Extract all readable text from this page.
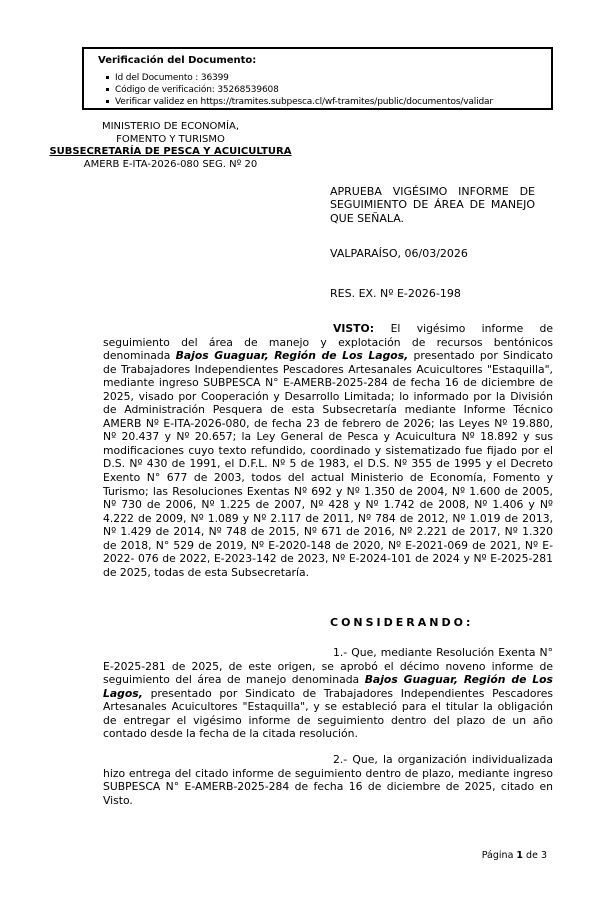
Verificación del Documento:
Id del Documento : 36399
Código de verificación: 35268539608
Verificar validez en https://tramites.subpesca.cl/wf-tramites/public/documentos/validar
MINISTERIO DE ECONOMÍA,
FOMENTO Y TURISMO
SUBSECRETARÍA DE PESCA Y ACUICULTURA
AMERB E-ITA-2026-080 SEG. Nº 20
APRUEBA VIGÉSIMO INFORME DE SEGUIMIENTO DE ÁREA DE MANEJO QUE SEÑALA.
VALPARAÍSO, 06/03/2026
RES. EX. Nº E-2026-198
VISTO: El vigésimo informe de seguimiento del área de manejo y explotación de recursos bentónicos denominada Bajos Guaguar, Región de Los Lagos, presentado por Sindicato de Trabajadores Independientes Pescadores Artesanales Acuicultores "Estaquilla", mediante ingreso SUBPESCA N° E-AMERB-2025-284 de fecha 16 de diciembre de 2025, visado por Cooperación y Desarrollo Limitada; lo informado por la División de Administración Pesquera de esta Subsecretaría mediante Informe Técnico AMERB Nº E-ITA-2026-080, de fecha 23 de febrero de 2026; las Leyes Nº 19.880, Nº 20.437 y Nº 20.657; la Ley General de Pesca y Acuicultura Nº 18.892 y sus modificaciones cuyo texto refundido, coordinado y sistematizado fue fijado por el D.S. Nº 430 de 1991, el D.F.L. Nº 5 de 1983, el D.S. Nº 355 de 1995 y el Decreto Exento N° 677 de 2003, todos del actual Ministerio de Economía, Fomento y Turismo; las Resoluciones Exentas Nº 692 y Nº 1.350 de 2004, Nº 1.600 de 2005, Nº 730 de 2006, Nº 1.225 de 2007, Nº 428 y Nº 1.742 de 2008, Nº 1.406 y Nº 4.222 de 2009, Nº 1.089 y Nº 2.117 de 2011, Nº 784 de 2012, Nº 1.019 de 2013, Nº 1.429 de 2014, Nº 748 de 2015, Nº 671 de 2016, Nº 2.221 de 2017, Nº 1.320 de 2018, N° 529 de 2019, Nº E-2020-148 de 2020, Nº E-2021-069 de 2021, Nº E-2022- 076 de 2022, E-2023-142 de 2023, Nº E-2024-101 de 2024 y Nº E-2025-281 de 2025, todas de esta Subsecretaría.
CONSIDERANDO:
1.- Que, mediante Resolución Exenta N° E-2025-281 de 2025, de este origen, se aprobó el décimo noveno informe de seguimiento del área de manejo denominada Bajos Guaguar, Región de Los Lagos, presentado por Sindicato de Trabajadores Independientes Pescadores Artesanales Acuicultores "Estaquilla", y se estableció para el titular la obligación de entregar el vigésimo informe de seguimiento dentro del plazo de un año contado desde la fecha de la citada resolución.
2.- Que, la organización individualizada hizo entrega del citado informe de seguimiento dentro de plazo, mediante ingreso SUBPESCA N° E-AMERB-2025-284 de fecha 16 de diciembre de 2025, citado en Visto.
Página 1 de 3
